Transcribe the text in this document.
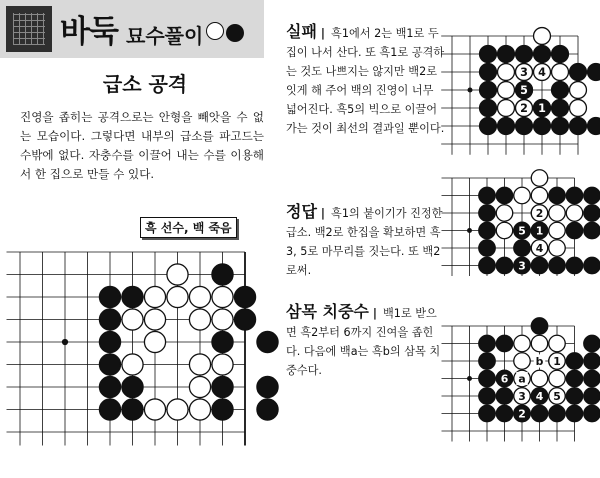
바둑 묘수풀이
급소 공격
진영을 좁히는 공격으로는 안형을 빼앗을 수 없는 모습이다. 그렇다면 내부의 급소를 파고드는 수밖에 없다. 자충수를 이끌어 내는 수를 이용해서 한 집으로 만들 수 있다.
흑 선수, 백 죽음
실패 | 흑1에서 2는 백1로 두 집이 나서 산다. 또 흑1로 공격하는 것도 나쁘지는 않지만 백2로 잇게 해 주어 백의 진영이 너무 넓어진다. 흑5의 빅으로 이끌어 가는 것이 최선의 결과일 뿐이다.
정답 | 흑1의 붙이기가 진정한 급소. 백2로 한집을 확보하면 흑3, 5로 마무리를 짓는다. 또 백2로써.
삼목 치중수 | 백1로 받으면 흑2부터 6까지 진여을 좁힌다. 다음에 백a는 흑b의 삼목 치중수다.
3 4
5
1
2
2
5 1
4
3
b 1
6 a
3 4 5
2
